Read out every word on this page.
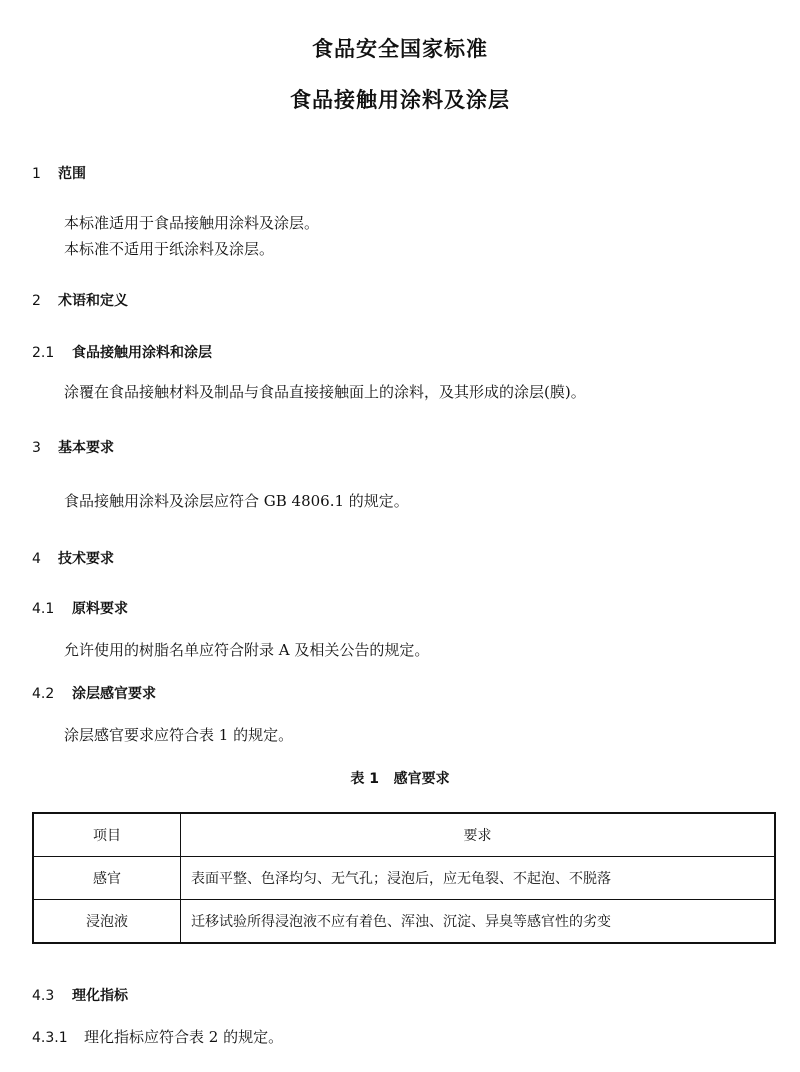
食品安全国家标准
食品接触用涂料及涂层
1 范围
本标准适用于食品接触用涂料及涂层。
本标准不适用于纸涂料及涂层。
2 术语和定义
2.1 食品接触用涂料和涂层
涂覆在食品接触材料及制品与食品直接接触面上的涂料，及其形成的涂层(膜)。
3 基本要求
食品接触用涂料及涂层应符合 GB 4806.1 的规定。
4 技术要求
4.1 原料要求
允许使用的树脂名单应符合附录 A 及相关公告的规定。
4.2 涂层感官要求
涂层感官要求应符合表 1 的规定。
表 1   感官要求
项目	要求
感官	表面平整、色泽均匀、无气孔；浸泡后，应无龟裂、不起泡、不脱落
浸泡液	迁移试验所得浸泡液不应有着色、浑浊、沉淀、异臭等感官性的劣变
4.3 理化指标
4.3.1 理化指标应符合表 2 的规定。
